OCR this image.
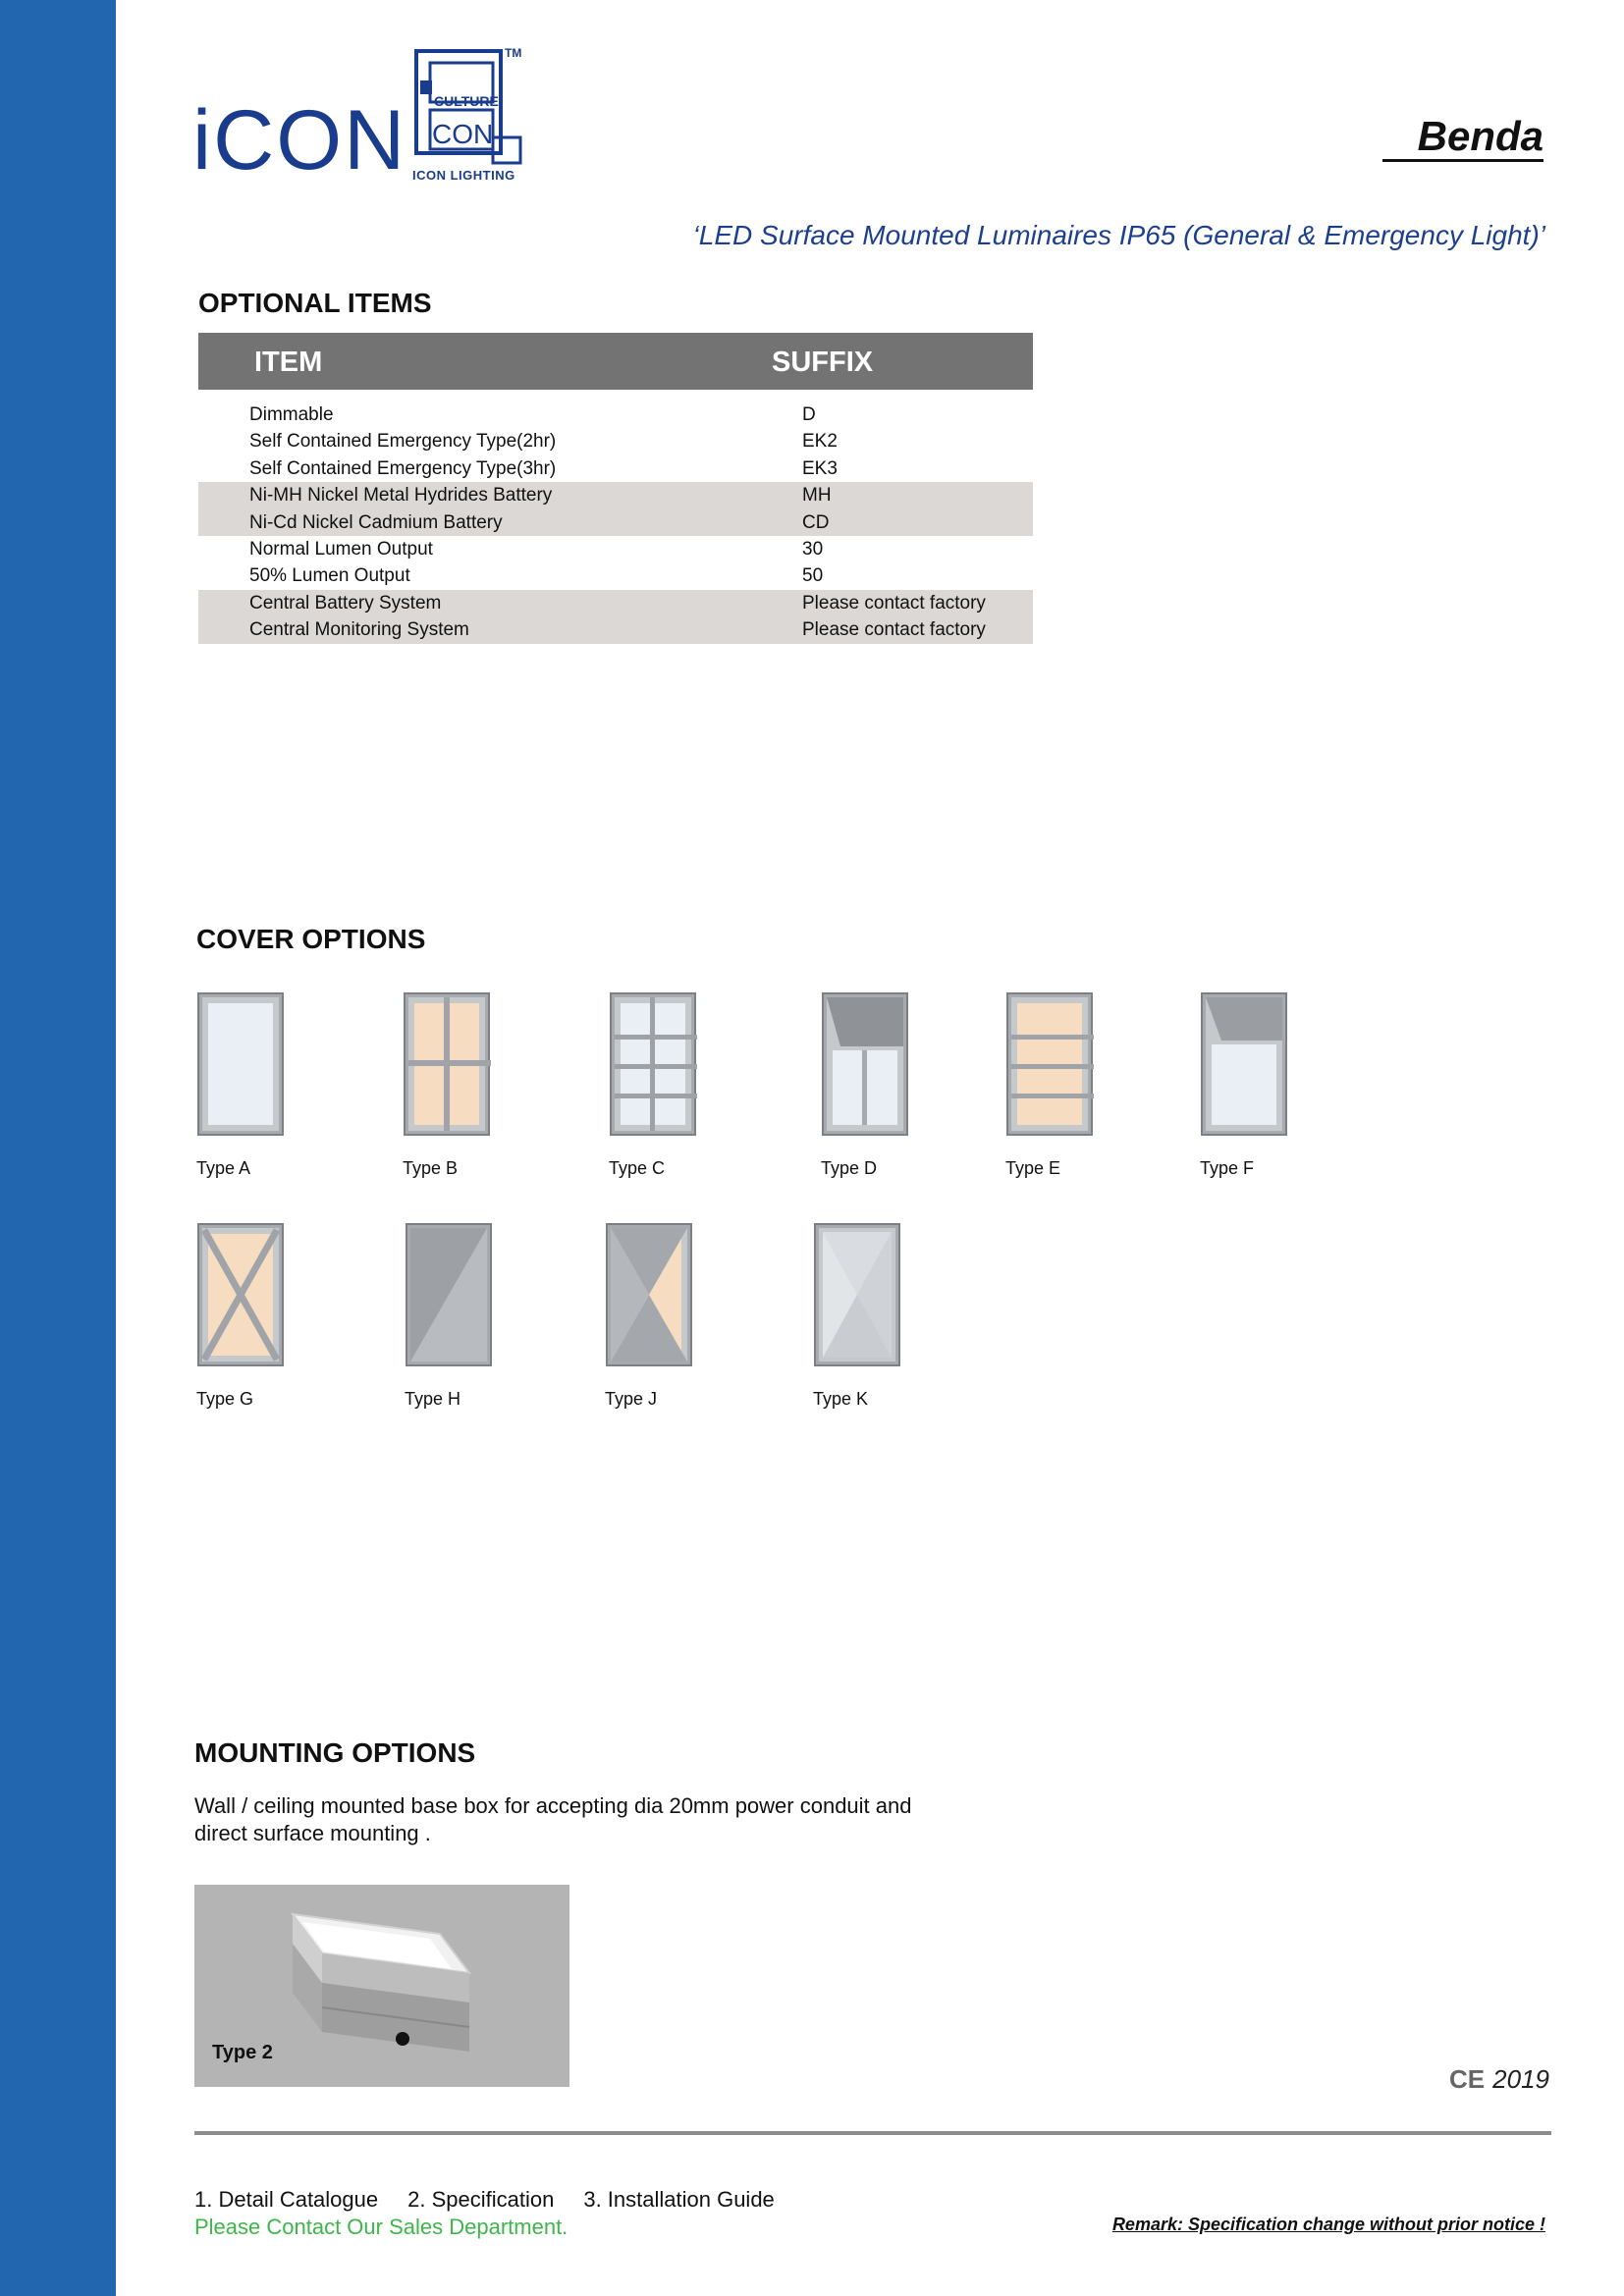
iCON CULTURE
CON
TM
ICON LIGHTING
Benda
‘LED Surface Mounted Luminaires IP65 (General & Emergency Light)’
OPTIONAL ITEMS
ITEM	SUFFIX
Dimmable	D
Self Contained Emergency Type(2hr)	EK2
Self Contained Emergency Type(3hr)	EK3
Ni-MH Nickel Metal Hydrides Battery	MH
Ni-Cd Nickel Cadmium Battery	CD
Normal Lumen Output	30
50% Lumen Output	50
Central Battery System	Please contact factory
Central Monitoring System	Please contact factory
COVER OPTIONS
Type A	Type B	Type C	Type D	Type E	Type F
Type G	Type H	Type J	Type K
MOUNTING OPTIONS
Wall / ceiling mounted base box for accepting dia 20mm power conduit and direct surface mounting .
Type 2
CE 2019
1. Detail Catalogue 2. Specification 3. Installation Guide
Please Contact Our Sales Department.	Remark: Specification change without prior notice !
